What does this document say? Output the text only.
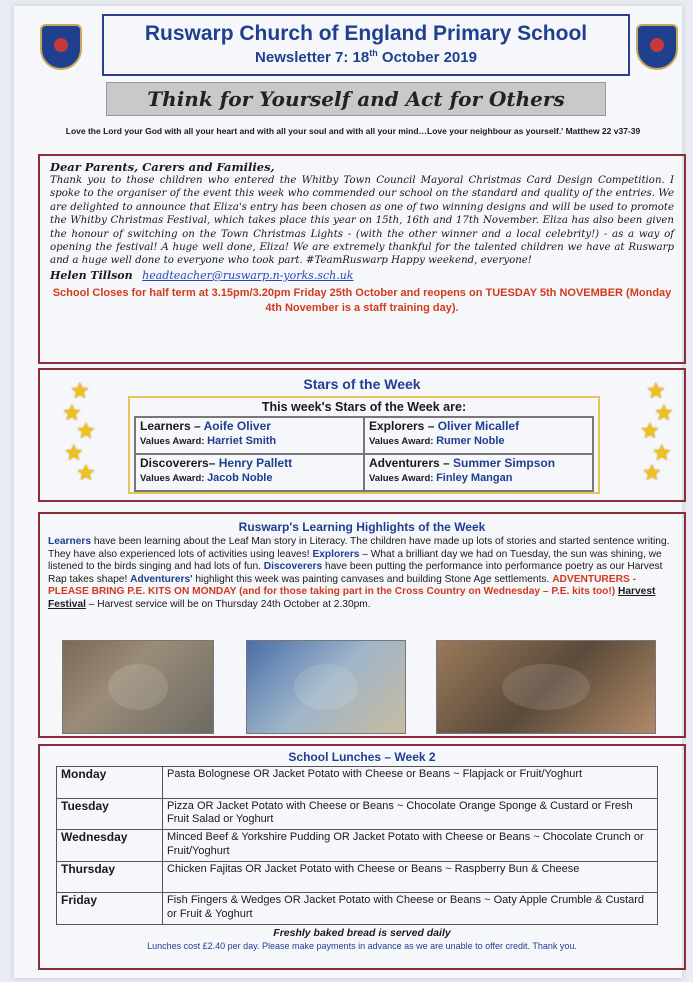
Ruswarp Church of England Primary School
Newsletter 7: 18th October 2019
Think for Yourself and Act for Others
Love the Lord your God with all your heart and with all your soul and with all your mind…Love your neighbour as yourself.' Matthew 22 v37-39
Dear Parents, Carers and Families,
Thank you to those children who entered the Whitby Town Council Mayoral Christmas Card Design Competition. I spoke to the organiser of the event this week who commended our school on the standard and quality of the entries. We are delighted to announce that Eliza's entry has been chosen as one of two winning designs and will be used to promote the Whitby Christmas Festival, which takes place this year on 15th, 16th and 17th November. Eliza has also been given the honour of switching on the Town Christmas Lights - (with the other winner and a local celebrity!) - as a way of opening the festival! A huge well done, Eliza! We are extremely thankful for the talented children we have at Ruswarp and a huge well done to everyone who took part. #TeamRuswarp Happy weekend, everyone!
Helen Tillson headteacher@ruswarp.n-yorks.sch.uk
School Closes for half term at 3.15pm/3.20pm Friday 25th October and reopens on TUESDAY 5th NOVEMBER (Monday 4th November is a staff training day).
★
★
★
★
★
★
★
★
★
★
Stars of the Week
This week's Stars of the Week are:
Learners – Aoife Oliver
Values Award: Harriet Smith
Explorers – Oliver Micallef
Values Award: Rumer Noble
Discoverers– Henry Pallett
Values Award: Jacob Noble
Adventurers – Summer Simpson
Values Award: Finley Mangan
Ruswarp's Learning Highlights of the Week
Learners have been learning about the Leaf Man story in Literacy. The children have made up lots of stories and started sentence writing. They have also experienced lots of activities using leaves! Explorers – What a brilliant day we had on Tuesday, the sun was shining, we listened to the birds singing and had lots of fun. Discoverers have been putting the performance into performance poetry as our Harvest Rap takes shape! Adventurers' highlight this week was painting canvases and building Stone Age settlements. ADVENTURERS - PLEASE BRING P.E. KITS ON MONDAY (and for those taking part in the Cross Country on Wednesday – P.E. kits too!) Harvest Festival – Harvest service will be on Thursday 24th October at 2.30pm.
School Lunches – Week 2
Monday	Pasta Bolognese OR Jacket Potato with Cheese or Beans ~ Flapjack or Fruit/Yoghurt
Tuesday	Pizza OR Jacket Potato with Cheese or Beans ~ Chocolate Orange Sponge & Custard or Fresh Fruit Salad or Yoghurt
Wednesday	Minced Beef & Yorkshire Pudding OR Jacket Potato with Cheese or Beans ~ Chocolate Crunch or Fruit/Yoghurt
Thursday	Chicken Fajitas OR Jacket Potato with Cheese or Beans ~ Raspberry Bun & Cheese
Friday	Fish Fingers & Wedges OR Jacket Potato with Cheese or Beans ~ Oaty Apple Crumble & Custard or Fruit & Yoghurt
Freshly baked bread is served daily
Lunches cost £2.40 per day. Please make payments in advance as we are unable to offer credit. Thank you.
